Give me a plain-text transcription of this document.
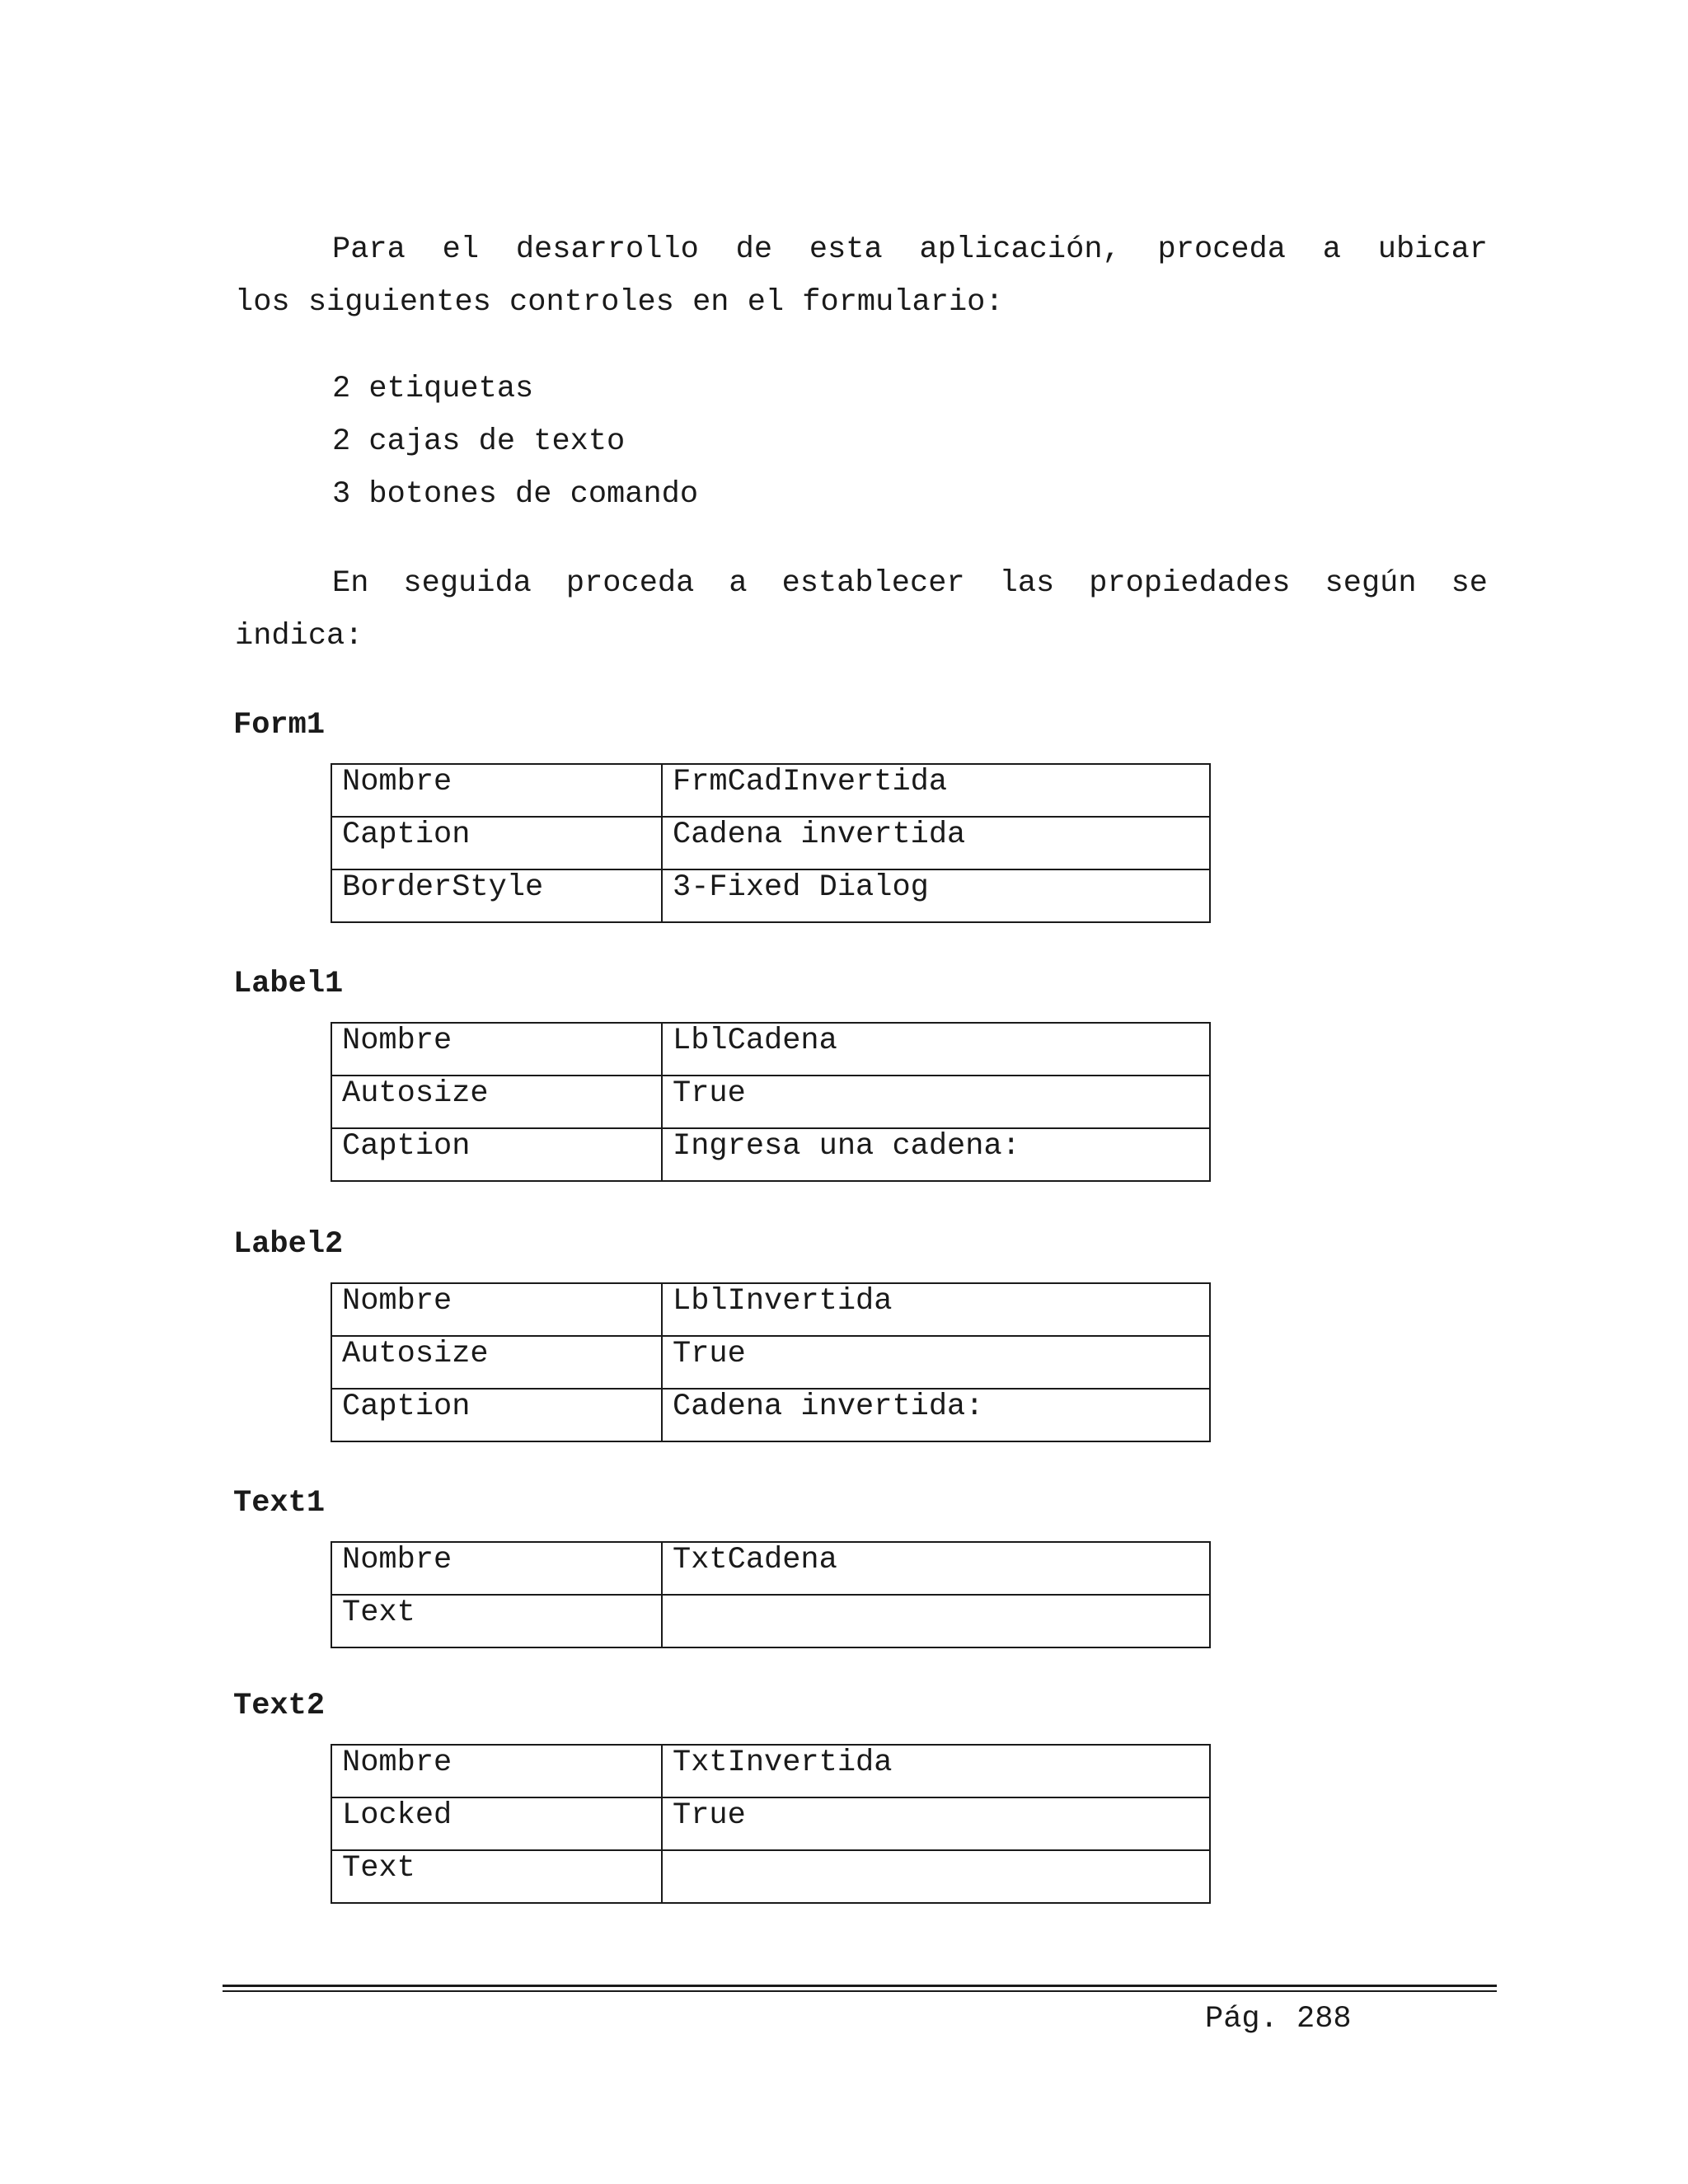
Para el desarrollo de esta aplicación, proceda a ubicar
los siguientes controles en el formulario:

2 etiquetas
2 cajas de texto
3 botones de comando

En seguida proceda a establecer las propiedades según se
indica:

Form1
Nombre	FrmCadInvertida
Caption	Cadena invertida
BorderStyle	3-Fixed Dialog
Label1
Nombre	LblCadena
Autosize	True
Caption	Ingresa una cadena:
Label2
Nombre	LblInvertida
Autosize	True
Caption	Cadena invertida:
Text1
Nombre	TxtCadena
Text	
Text2
Nombre	TxtInvertida
Locked	True
Text	
Pág. 288
